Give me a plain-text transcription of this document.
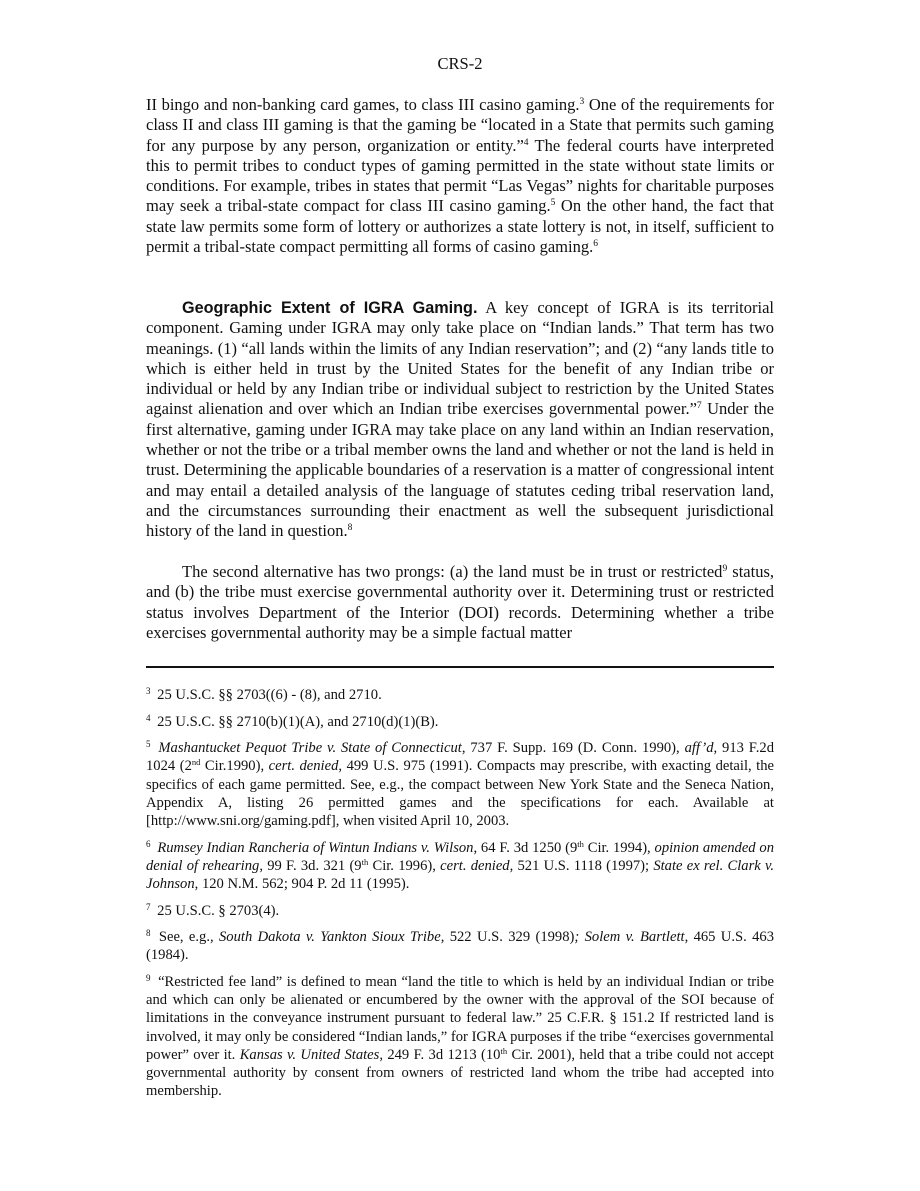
CRS-2
II bingo and non-banking card games, to class III casino gaming.$^3$ One of the requirements for class II and class III gaming is that the gaming be “located in a State that permits such gaming for any purpose by any person, organization or entity.”$^4$ The federal courts have interpreted this to permit tribes to conduct types of gaming permitted in the state without state limits or conditions. For example, tribes in states that permit “Las Vegas” nights for charitable purposes may seek a tribal-state compact for class III casino gaming.$^5$ On the other hand, the fact that state law permits some form of lottery or authorizes a state lottery is not, in itself, sufficient to permit a tribal-state compact permitting all forms of casino gaming.$^6$
Geographic Extent of IGRA Gaming. A key concept of IGRA is its territorial component. Gaming under IGRA may only take place on “Indian lands.” That term has two meanings. (1) “all lands within the limits of any Indian reservation”; and (2) “any lands title to which is either held in trust by the United States for the benefit of any Indian tribe or individual or held by any Indian tribe or individual subject to restriction by the United States against alienation and over which an Indian tribe exercises governmental power.”$^7$ Under the first alternative, gaming under IGRA may take place on any land within an Indian reservation, whether or not the tribe or a tribal member owns the land and whether or not the land is held in trust. Determining the applicable boundaries of a reservation is a matter of congressional intent and may entail a detailed analysis of the language of statutes ceding tribal reservation land, and the circumstances surrounding their enactment as well the subsequent jurisdictional history of the land in question.$^8$
The second alternative has two prongs: (a) the land must be in trust or restricted$^9$ status, and (b) the tribe must exercise governmental authority over it. Determining trust or restricted status involves Department of the Interior (DOI) records. Determining whether a tribe exercises governmental authority may be a simple factual matter
$^3$ 25 U.S.C. §§ 2703((6) - (8), and 2710.
$^4$ 25 U.S.C. §§ 2710(b)(1)(A), and 2710(d)(1)(B).
$^5$ Mashantucket Pequot Tribe v. State of Connecticut, 737 F. Supp. 169 (D. Conn. 1990), aff’d, 913 F.2d 1024 (2nd Cir.1990), cert. denied, 499 U.S. 975 (1991). Compacts may prescribe, with exacting detail, the specifics of each game permitted. See, e.g., the compact between New York State and the Seneca Nation, Appendix A, listing 26 permitted games and the specifications for each. Available at [http://www.sni.org/gaming.pdf], when visited April 10, 2003.
$^6$ Rumsey Indian Rancheria of Wintun Indians v. Wilson, 64 F. 3d 1250 (9th Cir. 1994), opinion amended on denial of rehearing, 99 F. 3d. 321 (9th Cir. 1996), cert. denied, 521 U.S. 1118 (1997); State ex rel. Clark v. Johnson, 120 N.M. 562; 904 P. 2d 11 (1995).
$^7$ 25 U.S.C. § 2703(4).
$^8$ See, e.g., South Dakota v. Yankton Sioux Tribe, 522 U.S. 329 (1998); Solem v. Bartlett, 465 U.S. 463 (1984).
$^9$ “Restricted fee land” is defined to mean “land the title to which is held by an individual Indian or tribe and which can only be alienated or encumbered by the owner with the approval of the SOI because of limitations in the conveyance instrument pursuant to federal law.” 25 C.F.R. § 151.2 If restricted land is involved, it may only be considered “Indian lands,” for IGRA purposes if the tribe “exercises governmental power” over it. Kansas v. United States, 249 F. 3d 1213 (10th Cir. 2001), held that a tribe could not accept governmental authority by consent from owners of restricted land whom the tribe had accepted into membership.
